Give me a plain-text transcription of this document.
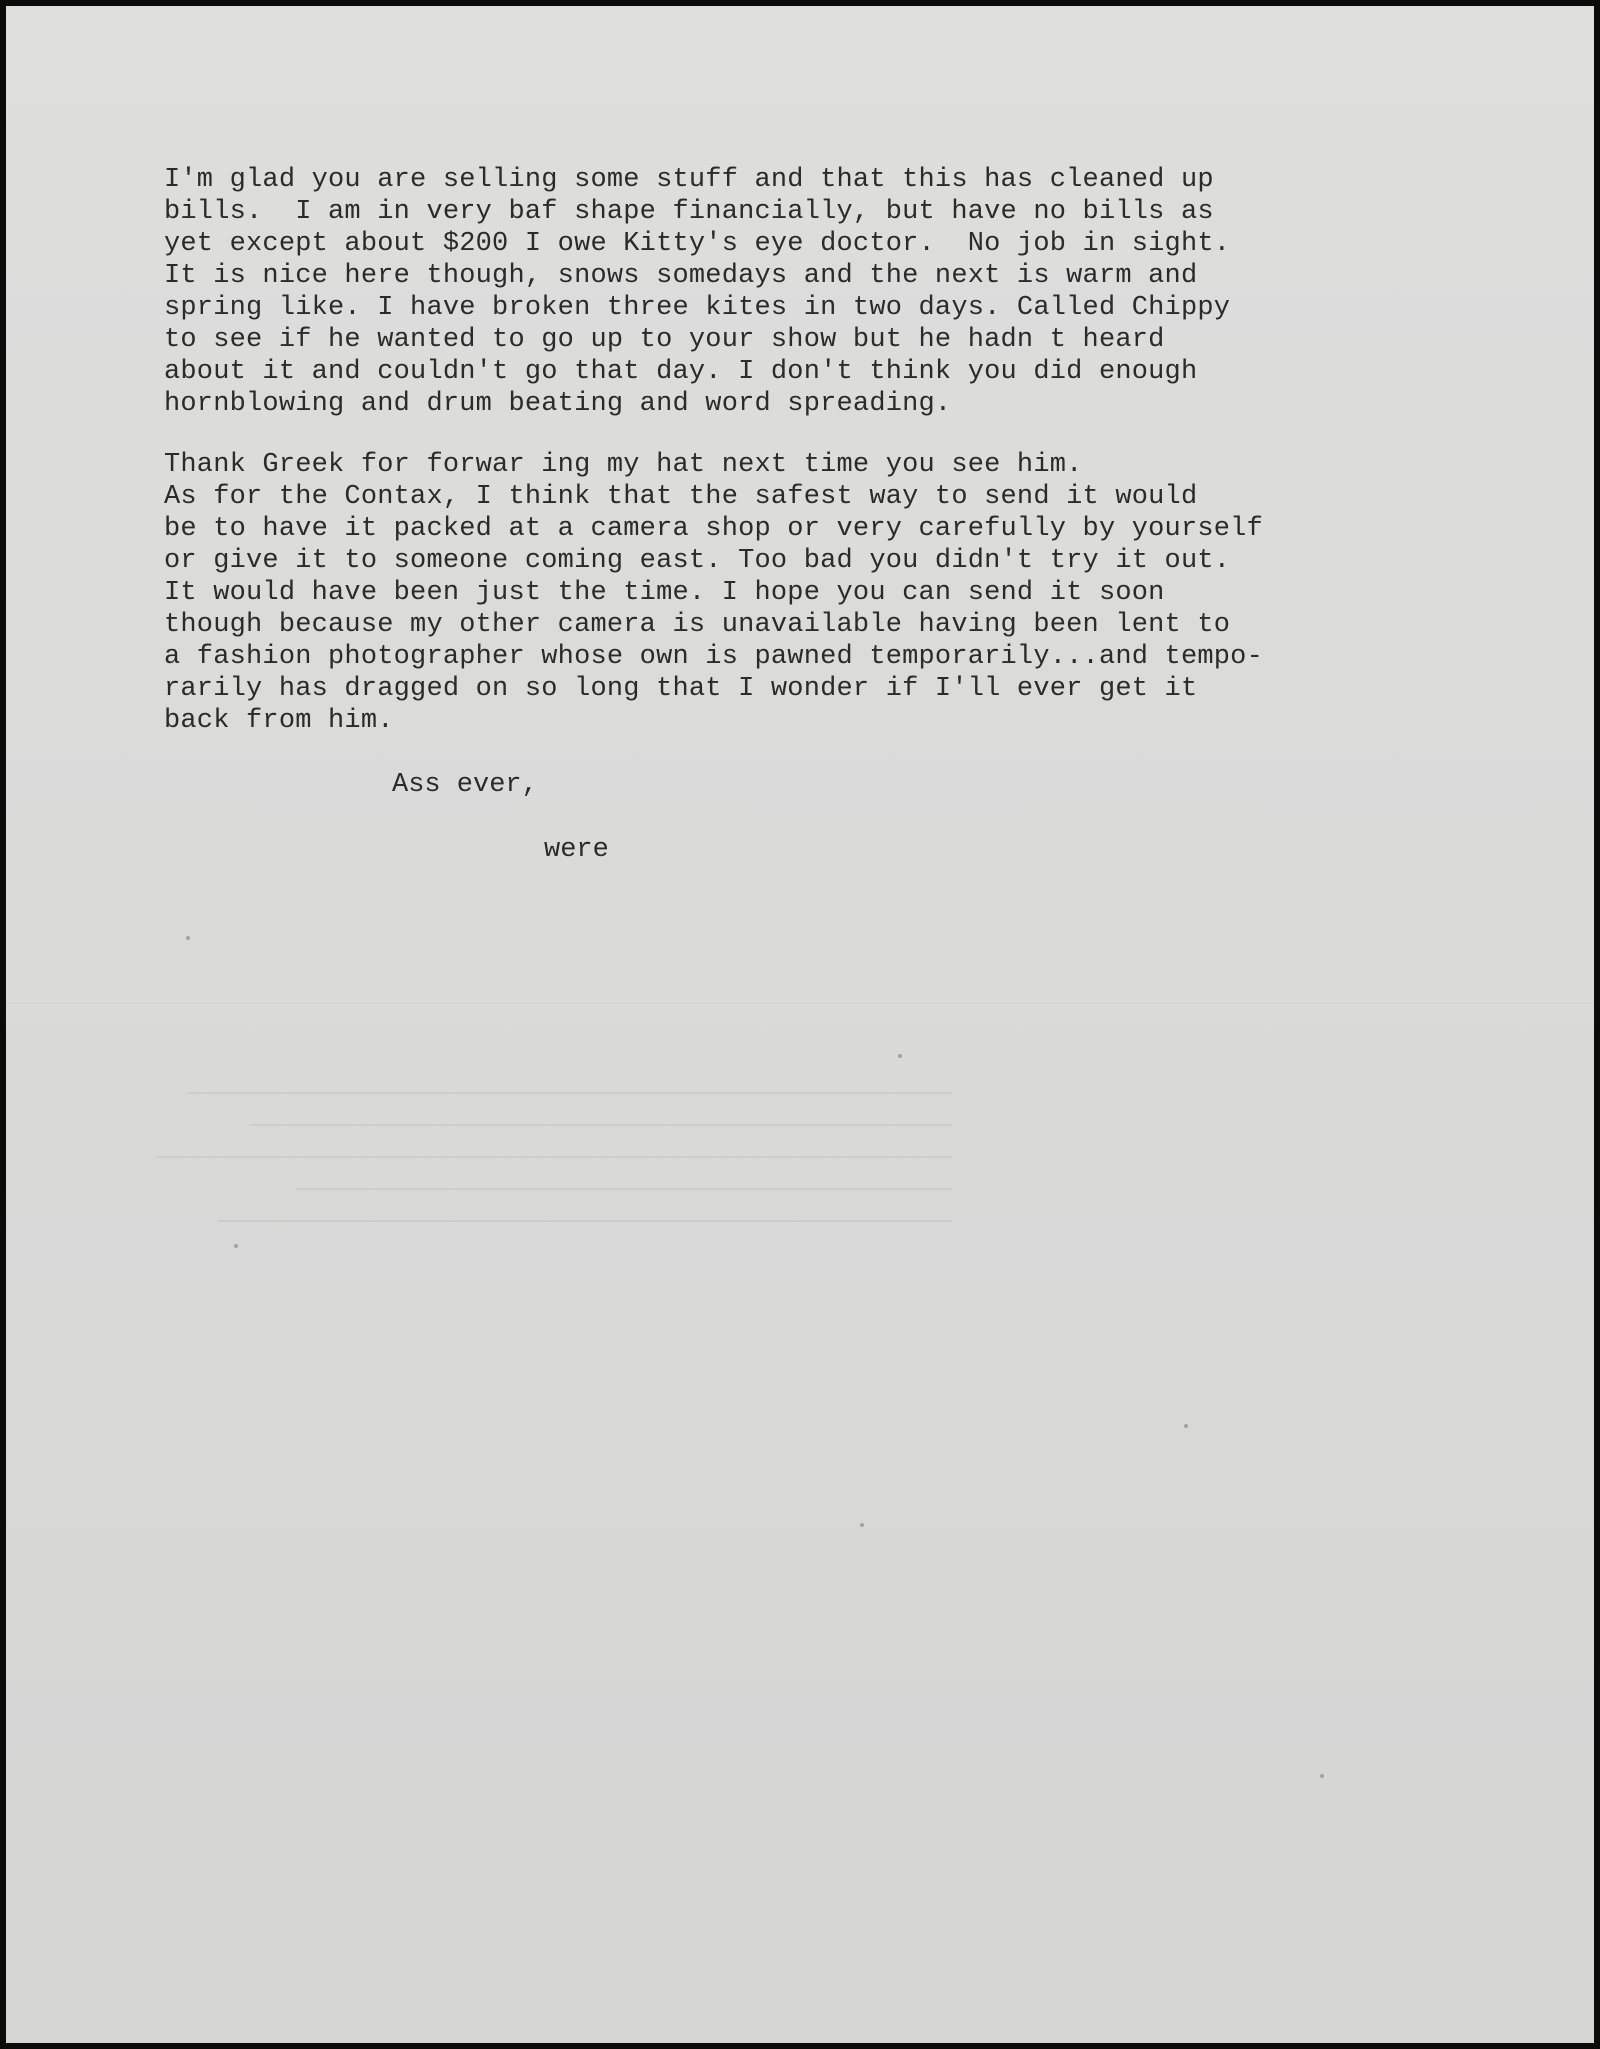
─────────────────────────────────────────────────
─────────────────────────────────────────────
───────────────────────────────────────────────────
──────────────────────────────────────────
───────────────────────────────────────────────

I'm glad you are selling some stuff and that this has cleaned up
bills.  I am in very baf shape financially, but have no bills as
yet except about $200 I owe Kitty's eye doctor.  No job in sight.
It is nice here though, snows somedays and the next is warm and
spring like. I have broken three kites in two days. Called Chippy
to see if he wanted to go up to your show but he hadn t heard
about it and couldn't go that day. I don't think you did enough
hornblowing and drum beating and word spreading.
Thank Greek for forwar ing my hat next time you see him.
As for the Contax, I think that the safest way to send it would
be to have it packed at a camera shop or very carefully by yourself
or give it to someone coming east. Too bad you didn't try it out.
It would have been just the time. I hope you can send it soon
though because my other camera is unavailable having been lent to
a fashion photographer whose own is pawned temporarily...and tempo-
rarily has dragged on so long that I wonder if I'll ever get it
back from him.
Ass ever,
were
